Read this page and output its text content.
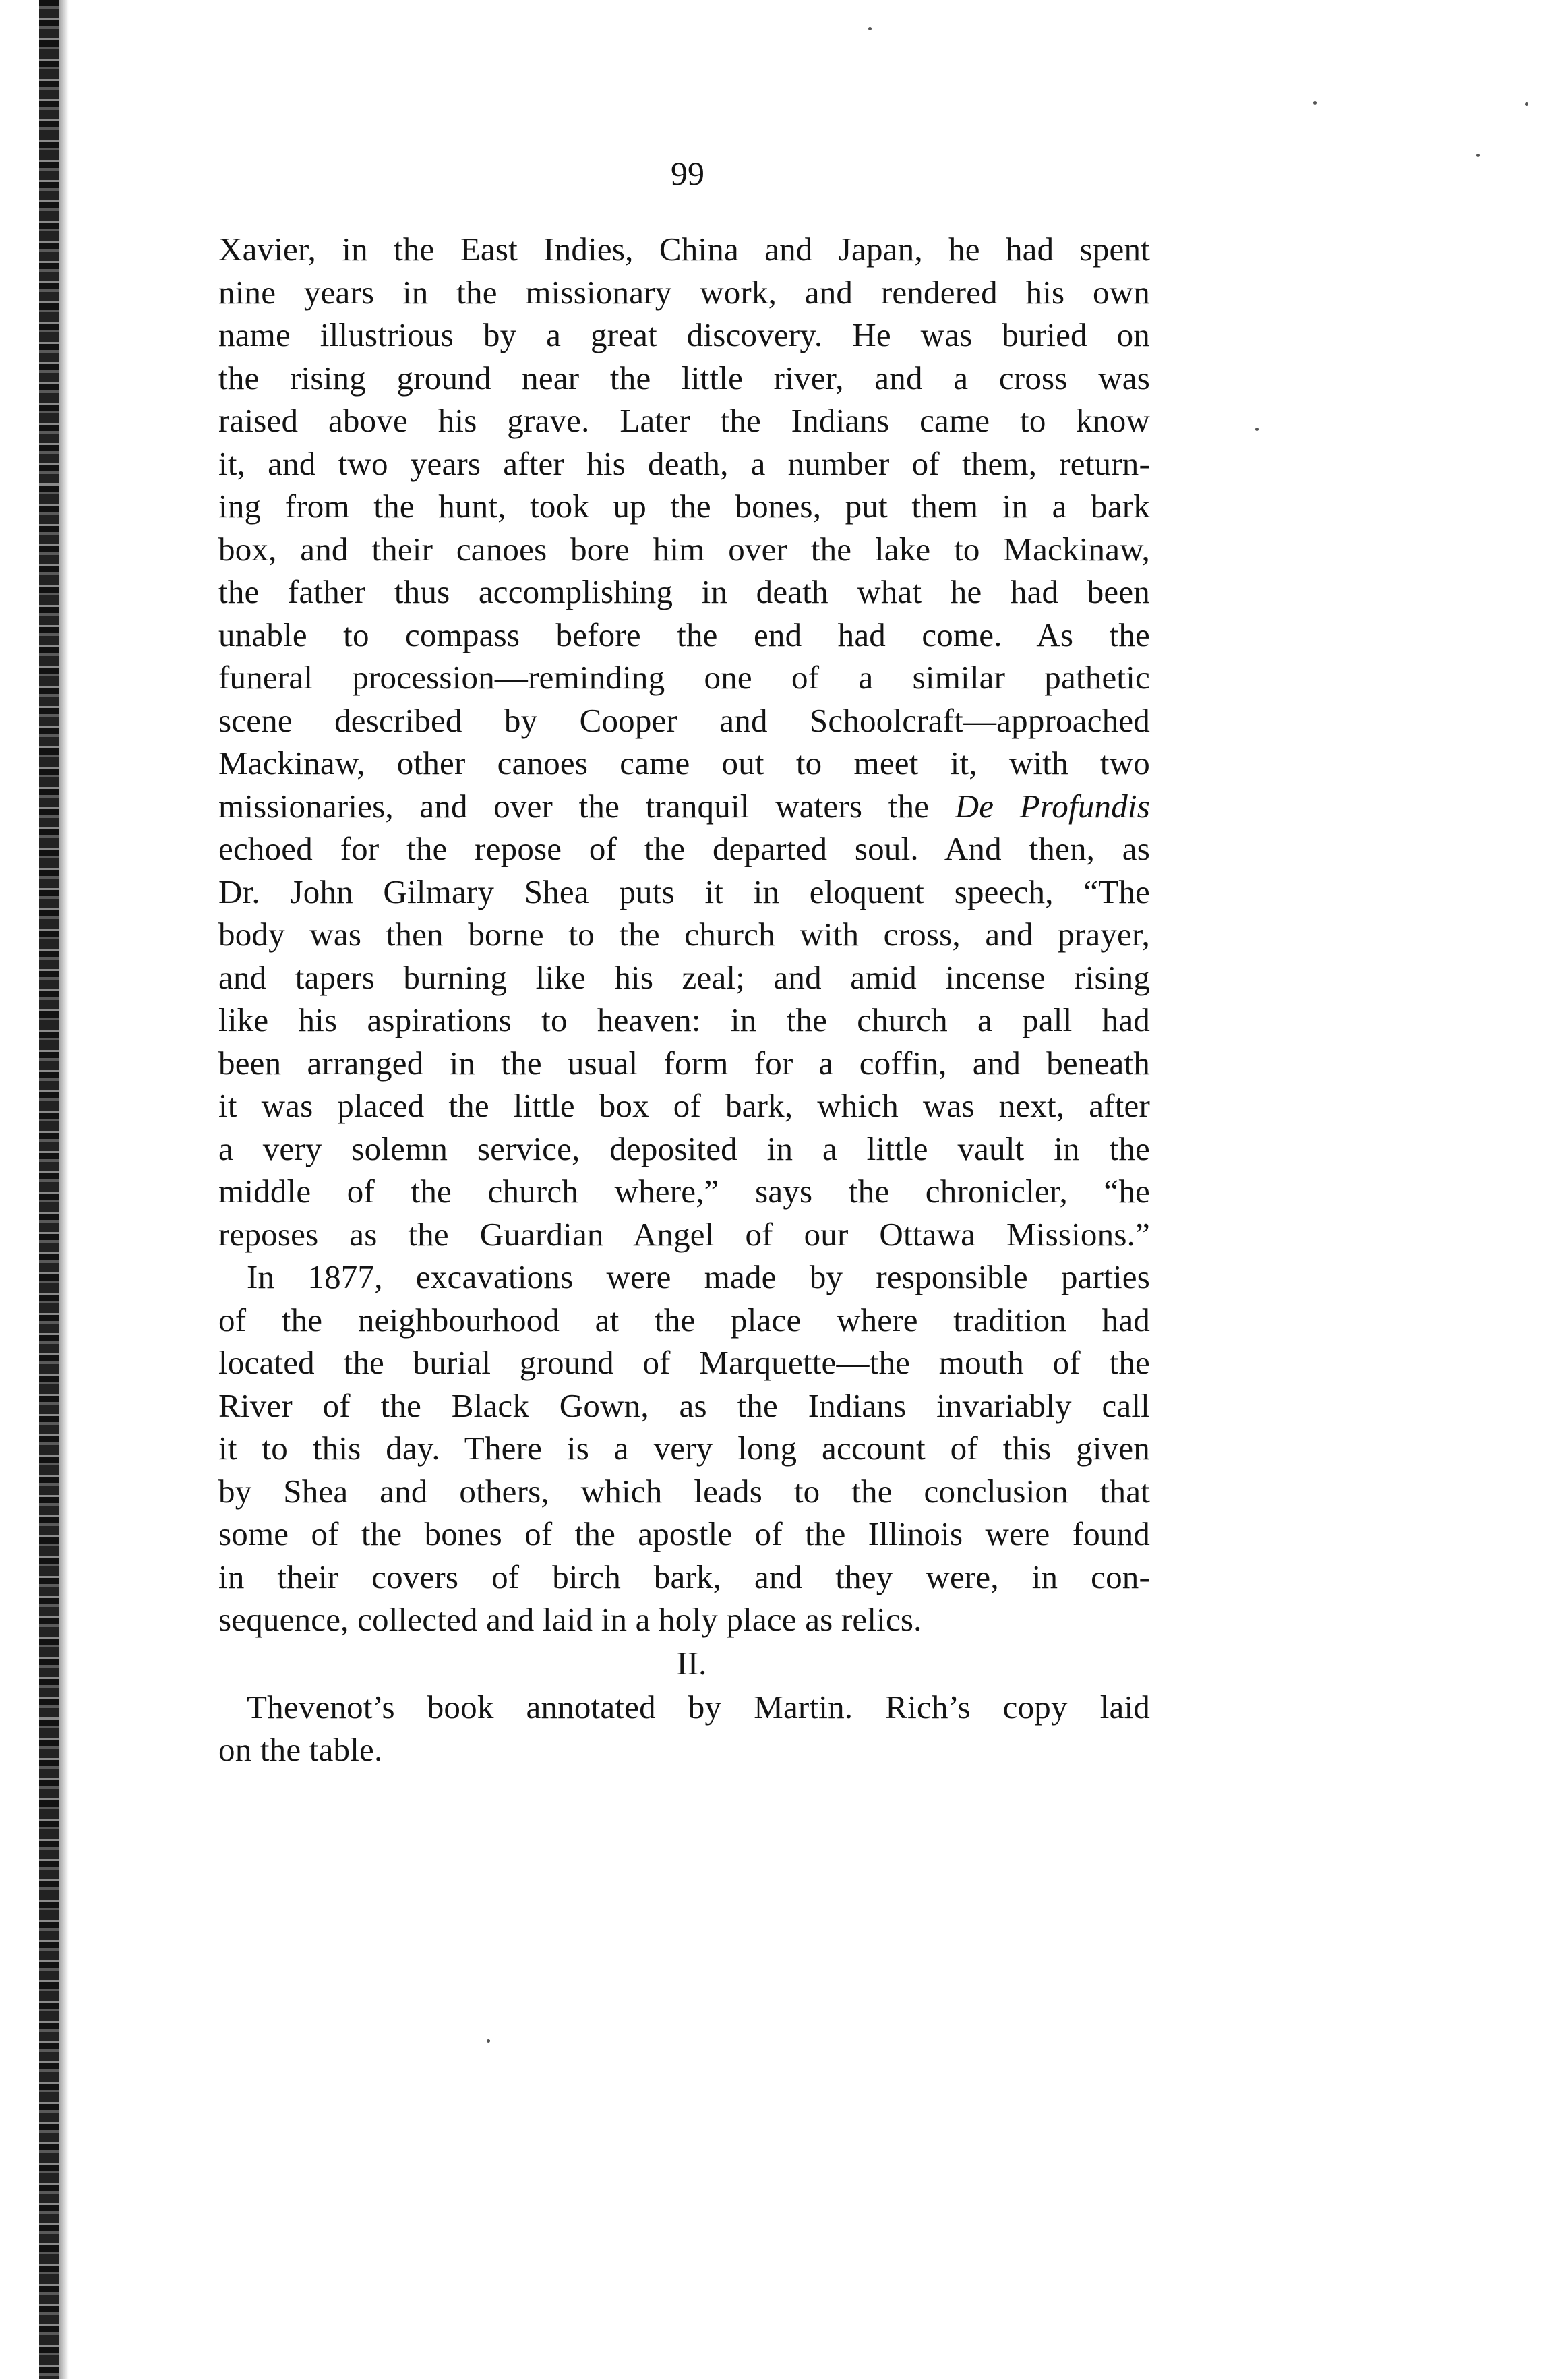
99
Xavier, in the East Indies, China and Japan, he had spent
nine years in the missionary work, and rendered his own
name illustrious by a great discovery. He was buried on
the rising ground near the little river, and a cross was
raised above his grave. Later the Indians came to know
it, and two years after his death, a number of them, return-
ing from the hunt, took up the bones, put them in a bark
box, and their canoes bore him over the lake to Mackinaw,
the father thus accomplishing in death what he had been
unable to compass before the end had come. As the
funeral procession—reminding one of a similar pathetic
scene described by Cooper and Schoolcraft—approached
Mackinaw, other canoes came out to meet it, with two
missionaries, and over the tranquil waters the De Profundis
echoed for the repose of the departed soul. And then, as
Dr. John Gilmary Shea puts it in eloquent speech, “The
body was then borne to the church with cross, and prayer,
and tapers burning like his zeal; and amid incense rising
like his aspirations to heaven: in the church a pall had
been arranged in the usual form for a coffin, and beneath
it was placed the little box of bark, which was next, after
a very solemn service, deposited in a little vault in the
middle of the church where,” says the chronicler, “he
reposes as the Guardian Angel of our Ottawa Missions.”
In 1877, excavations were made by responsible parties
of the neighbourhood at the place where tradition had
located the burial ground of Marquette—the mouth of the
River of the Black Gown, as the Indians invariably call
it to this day. There is a very long account of this given
by Shea and others, which leads to the conclusion that
some of the bones of the apostle of the Illinois were found
in their covers of birch bark, and they were, in con-
sequence, collected and laid in a holy place as relics.
II.
Thevenot’s book annotated by Martin. Rich’s copy laid
on the table.
